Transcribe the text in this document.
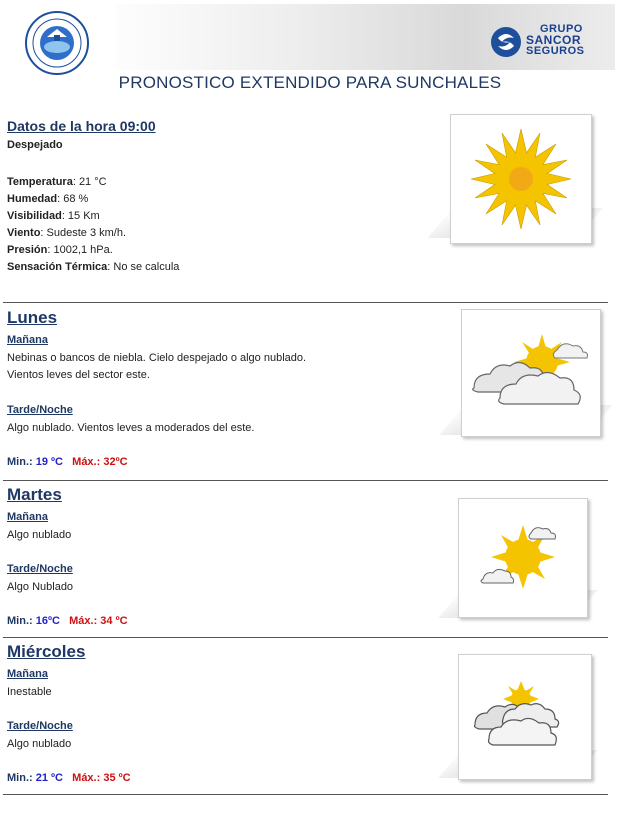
GRUPO
SANCOR
SEGUROS
PRONOSTICO EXTENDIDO PARA SUNCHALES
Datos de la hora 09:00
Despejado
Temperatura: 21 °C
Humedad: 68 %
Visibilidad: 15 Km
Viento: Sudeste 3 km/h.
Presión: 1002,1 hPa.
Sensación Térmica: No se calcula
Lunes
Mañana
Nebinas o bancos de niebla. Cielo despejado o algo nublado.
Vientos leves del sector este.
Tarde/Noche
Algo nublado. Vientos leves a moderados del este.
Min.: 19 ºC Máx.: 32ºC
Martes
Mañana
Algo nublado
Tarde/Noche
Algo Nublado
Min.: 16ºC Máx.: 34 ºC
Miércoles
Mañana
Inestable
Tarde/Noche
Algo nublado
Min.: 21 ºC Máx.: 35 ºC
